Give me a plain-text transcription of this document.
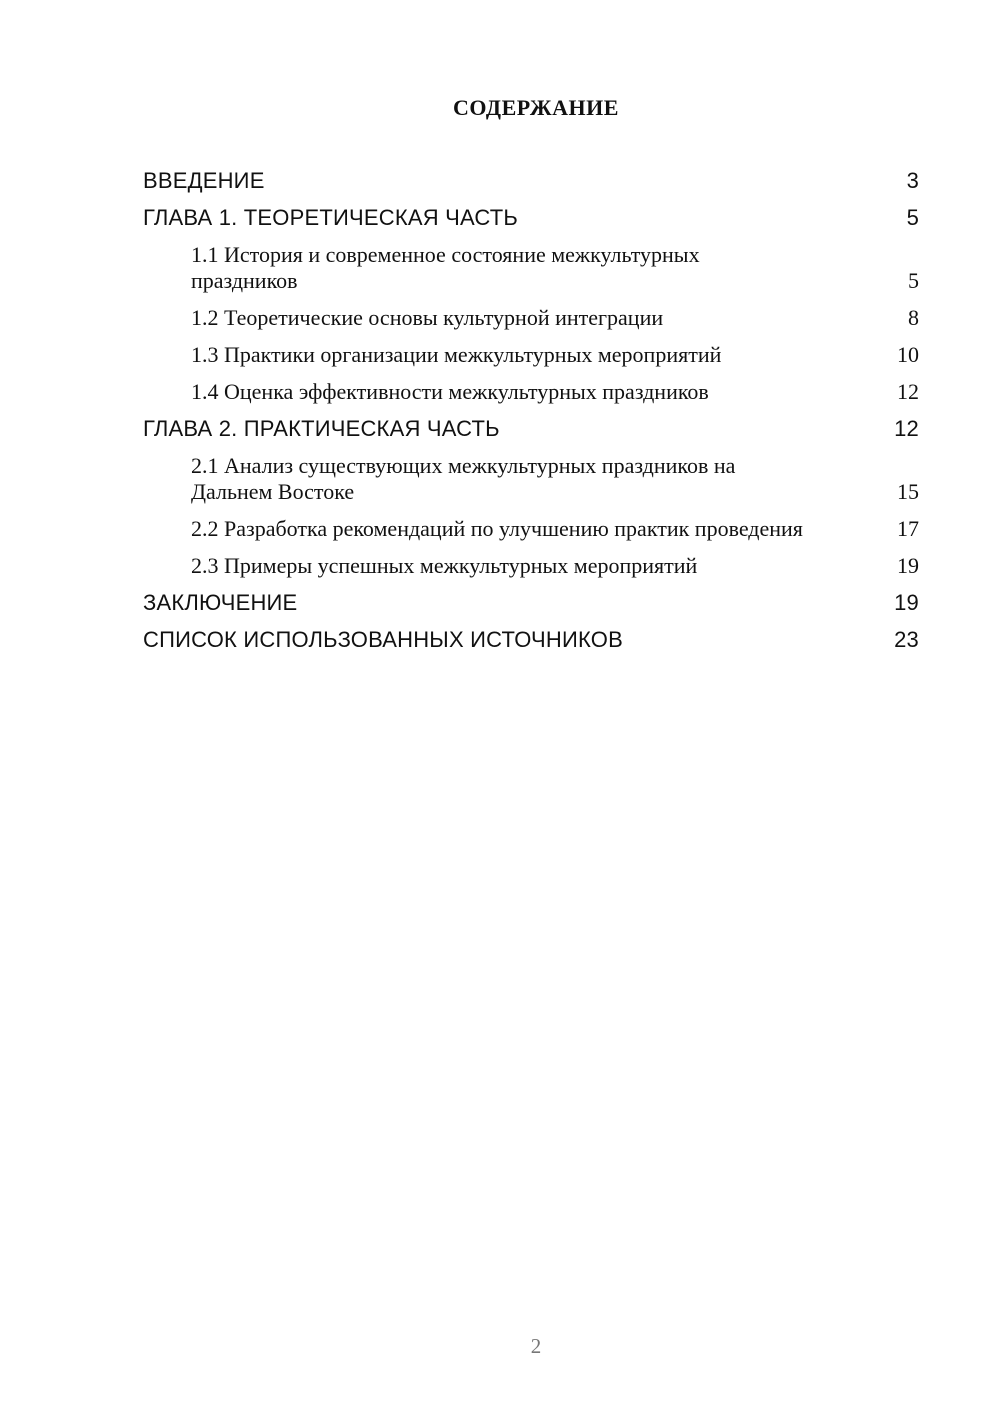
СОДЕРЖАНИЕ
ВВЕДЕНИЕ	3
ГЛАВА 1. ТЕОРЕТИЧЕСКАЯ ЧАСТЬ	5
1.1 История и современное состояние межкультурных праздников	5
1.2 Теоретические основы культурной интеграции	8
1.3 Практики организации межкультурных мероприятий	10
1.4 Оценка эффективности межкультурных праздников	12
ГЛАВА 2. ПРАКТИЧЕСКАЯ ЧАСТЬ	12
2.1 Анализ существующих межкультурных праздников на Дальнем Востоке	15
2.2 Разработка рекомендаций по улучшению практик проведения	17
2.3 Примеры успешных межкультурных мероприятий	19
ЗАКЛЮЧЕНИЕ	19
СПИСОК ИСПОЛЬЗОВАННЫХ ИСТОЧНИКОВ	23
2
